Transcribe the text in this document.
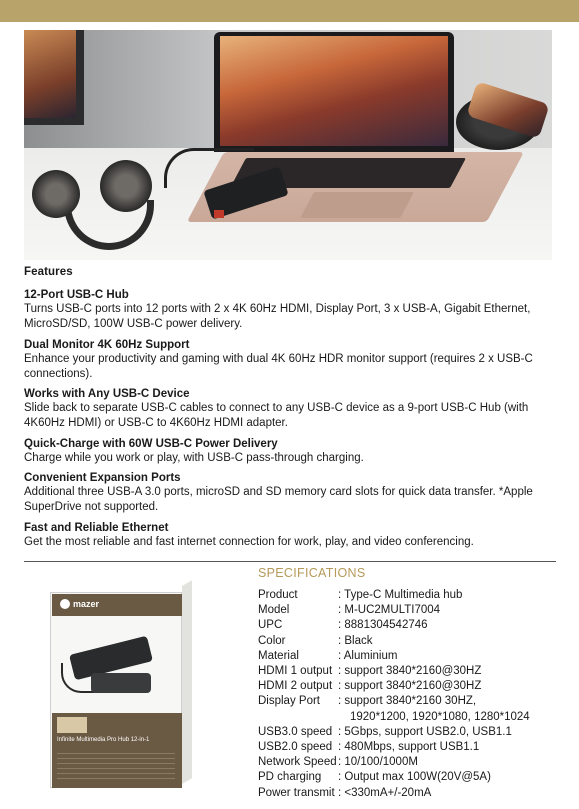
Features
12-Port USB-C Hub

Turns USB-C ports into 12 ports with 2 x 4K 60Hz HDMI, Display Port, 3 x USB-A, Gigabit Ethernet, MicroSD/SD, 100W USB-C power delivery.

Dual Monitor 4K 60Hz Support

Enhance your productivity and gaming with dual 4K 60Hz HDR monitor support (requires 2 x USB-C connections).

Works with Any USB-C Device

Slide back to separate USB-C cables to connect to any USB-C device as a 9-port USB-C Hub (with 4K60Hz HDMI) or USB-C to 4K60Hz HDMI adapter.

Quick-Charge with 60W USB-C Power Delivery

Charge while you work or play, with USB-C pass-through charging.

Convenient Expansion Ports

Additional three USB-A 3.0 ports, microSD and SD memory card slots for quick data transfer. *Apple SuperDrive not supported.

Fast and Reliable Ethernet

Get the most reliable and fast internet connection for work, play, and video conferencing.

mazer
Infinite Multimedia Pro Hub 12-in-1
SPECIFICATIONS
Product	: Type-C Multimedia hub
Model	: M-UC2MULTI7004
UPC	: 8881304542746
Color	: Black
Material	: Aluminium
HDMI 1 output : support 3840*2160@30HZ
HDMI 2 output : support 3840*2160@30HZ
Display Port	: support 3840*2160 30HZ,
1920*1200, 1920*1080, 1280*1024
USB3.0 speed : 5Gbps, support USB2.0, USB1.1
USB2.0 speed : 480Mbps, support USB1.1
Network Speed : 10/100/1000M
PD charging	: Output max 100W(20V@5A)
Power transmit : <330mA+/-20mA
